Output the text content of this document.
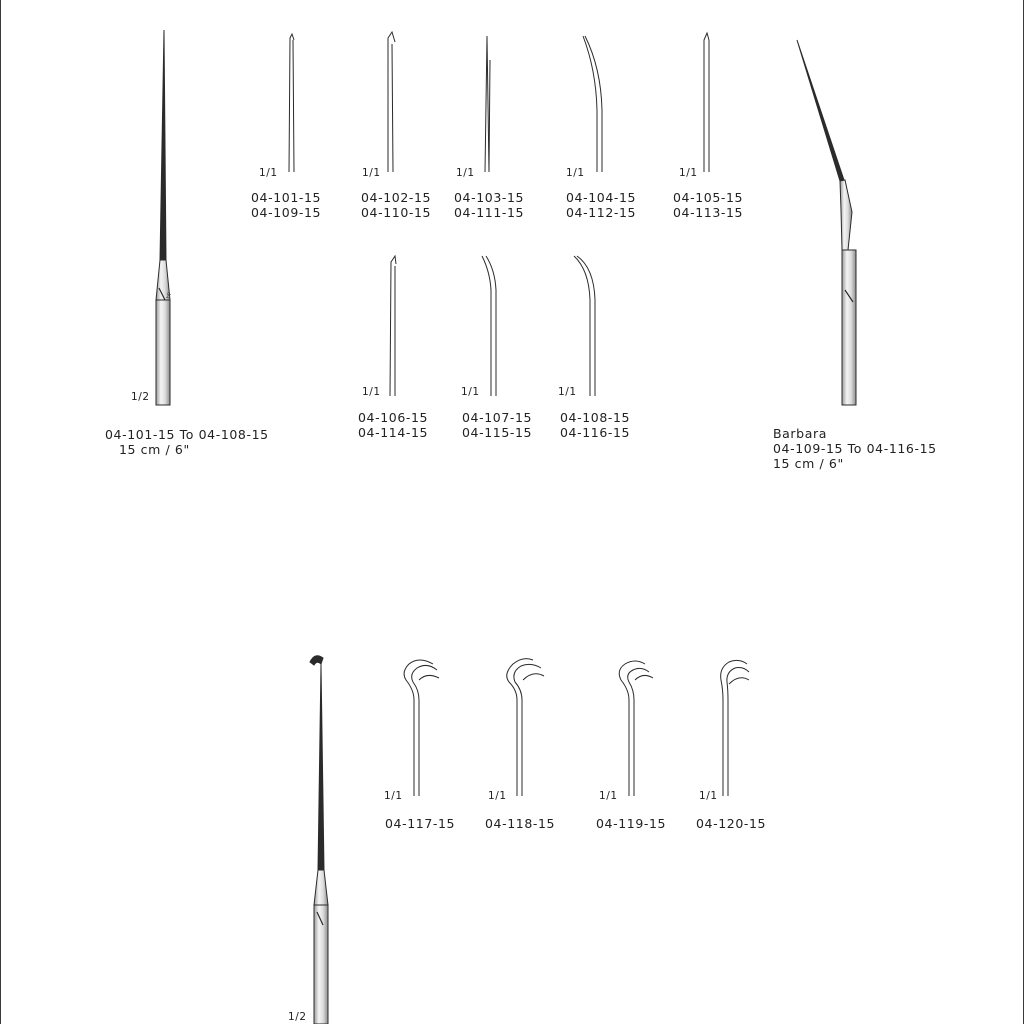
dq
1/2
1/1	1/1	1/1	1/1	1/1
1/1	1/1	1/1
04-101-15
04-109-15
04-102-15
04-110-15
04-103-15
04-111-15
04-104-15
04-112-15
04-105-15
04-113-15
04-106-15
04-114-15
04-107-15
04-115-15
04-108-15
04-116-15
04-101-15 To 04-108-15
15 cm / 6"
Barbara
04-109-15 To 04-116-15
15 cm / 6"
1/2
1/1	1/1	1/1	1/1
04-117-15 04-118-15	04-119-15 04-120-15
